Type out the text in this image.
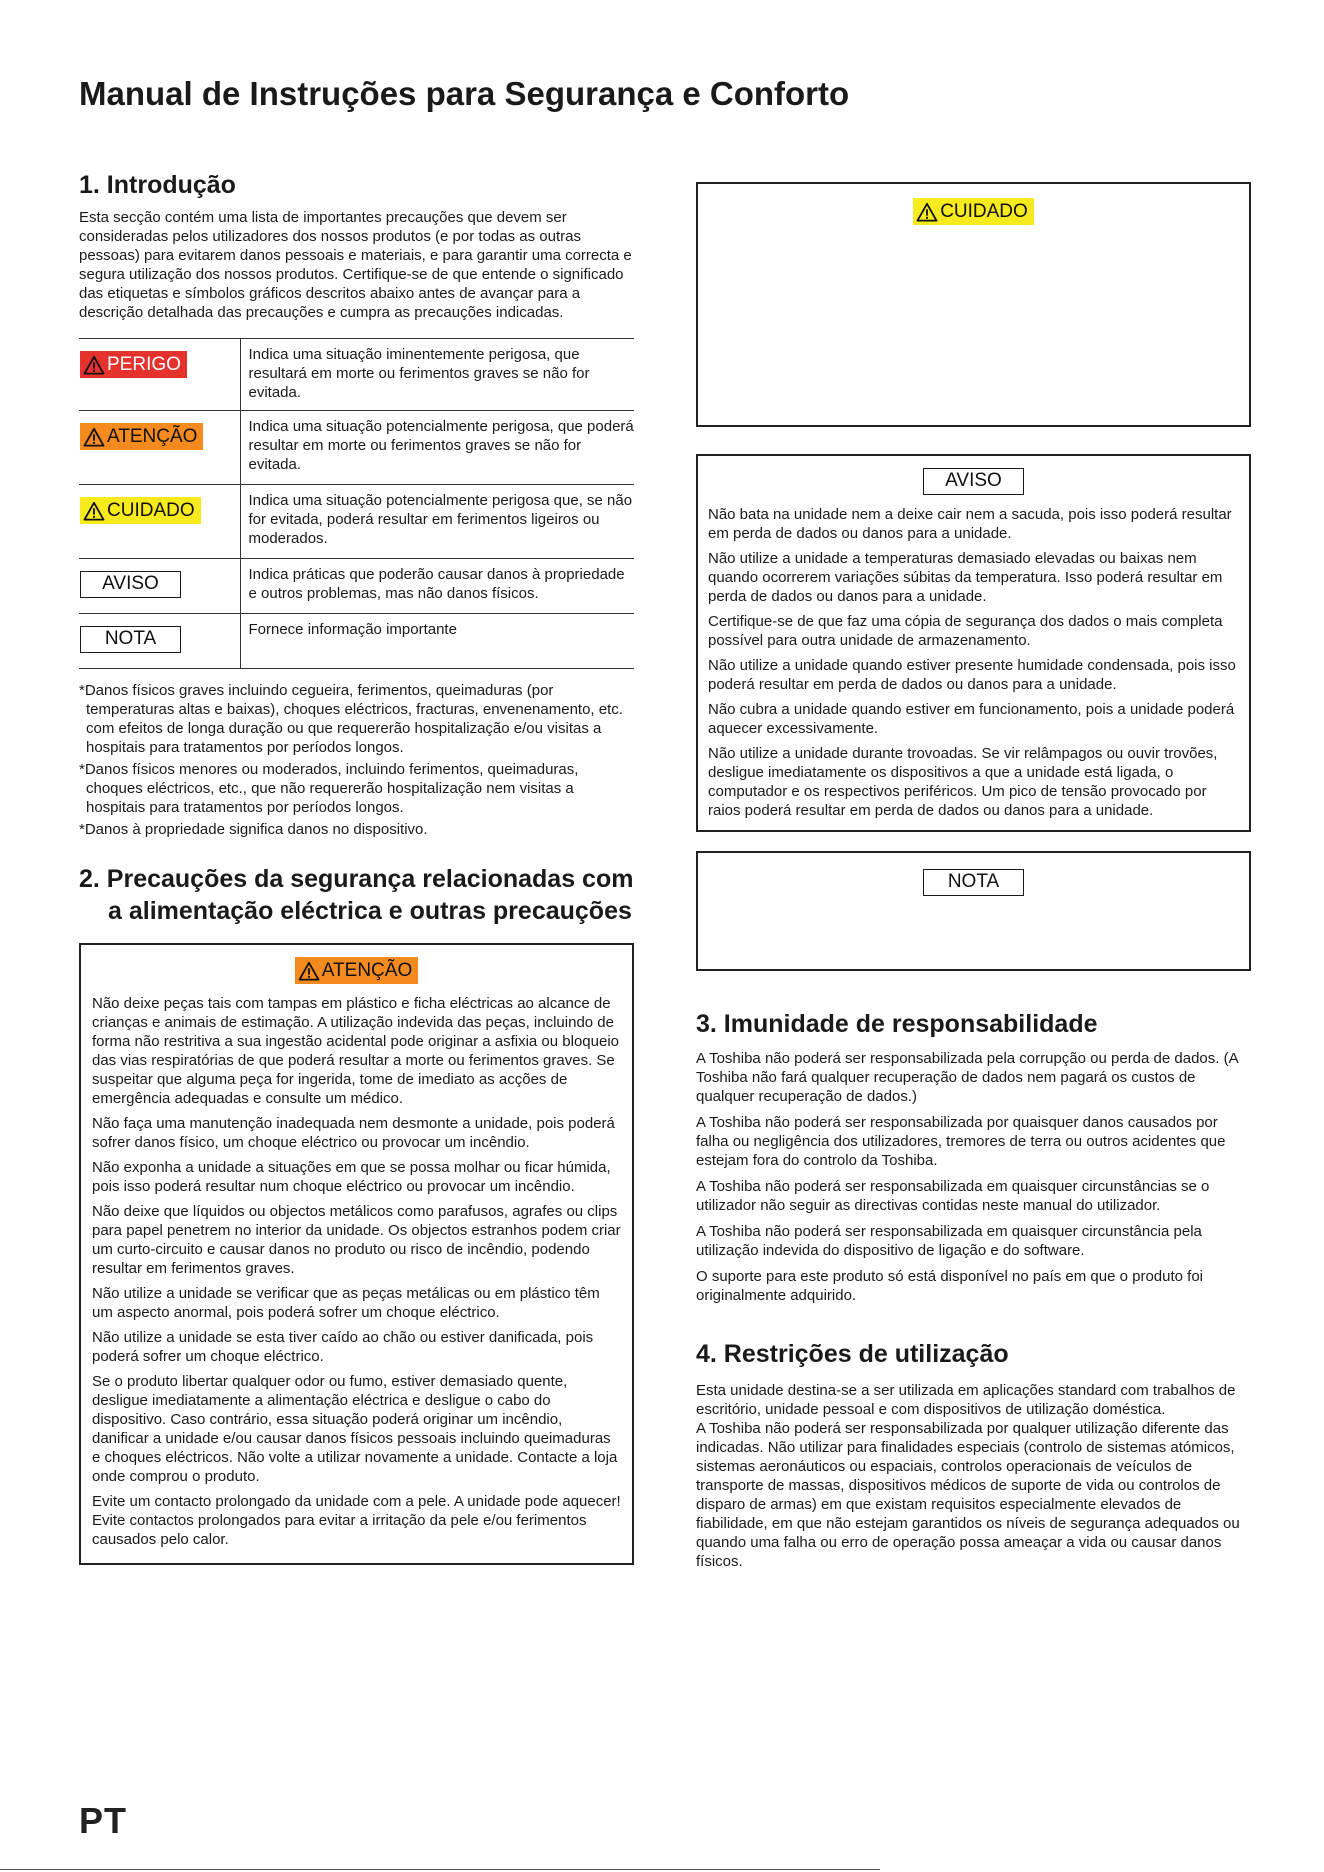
Manual de Instruções para Segurança e Conforto
1. Introdução

Esta secção contém uma lista de importantes precauções que devem ser consideradas pelos utilizadores dos nossos produtos (e por todas as outras pessoas) para evitarem danos pessoais e materiais, e para garantir uma correcta e segura utilização dos nossos produtos. Certifique-se de que entende o significado das etiquetas e símbolos gráficos descritos abaixo antes de avançar para a descrição detalhada das precauções e cumpra as precauções indicadas.

PERIGO	Indica uma situação iminentemente perigosa, que resultará em morte ou ferimentos graves se não for evitada.

ATENÇÃO	Indica uma situação potencialmente perigosa, que poderá resultar em morte ou ferimentos graves se não for evitada.

CUIDADO	Indica uma situação potencialmente perigosa que, se não for evitada, poderá resultar em ferimentos ligeiros ou moderados.
AVISO	Indica práticas que poderão causar danos à propriedade e outros problemas, mas não danos físicos.
NOTA	Fornece informação importante

*Danos físicos graves incluindo cegueira, ferimentos, queimaduras (por temperaturas altas e baixas), choques eléctricos, fracturas, envenenamento, etc. com efeitos de longa duração ou que requererão hospitalização e/ou visitas a hospitais para tratamentos por períodos longos.

*Danos físicos menores ou moderados, incluindo ferimentos, queimaduras, choques eléctricos, etc., que não requererão hospitalização nem visitas a hospitais para tratamentos por períodos longos.

*Danos à propriedade significa danos no dispositivo.

2. Precauções da segurança relacionadas com a alimentação eléctrica e outras precauções
ATENÇÃO

Não deixe peças tais com tampas em plástico e ficha eléctricas ao alcance de crianças e animais de estimação. A utilização indevida das peças, incluindo de forma não restritiva a sua ingestão acidental pode originar a asfixia ou bloqueio das vias respiratórias de que poderá resultar a morte ou ferimentos graves. Se suspeitar que alguma peça for ingerida, tome de imediato as acções de emergência adequadas e consulte um médico.

Não faça uma manutenção inadequada nem desmonte a unidade, pois poderá sofrer danos físico, um choque eléctrico ou provocar um incêndio.

Não exponha a unidade a situações em que se possa molhar ou ficar húmida, pois isso poderá resultar num choque eléctrico ou provocar um incêndio.

Não deixe que líquidos ou objectos metálicos como parafusos, agrafes ou clips para papel penetrem no interior da unidade. Os objectos estranhos podem criar um curto-circuito e causar danos no produto ou risco de incêndio, podendo resultar em ferimentos graves.

Não utilize a unidade se verificar que as peças metálicas ou em plástico têm um aspecto anormal, pois poderá sofrer um choque eléctrico.

Não utilize a unidade se esta tiver caído ao chão ou estiver danificada, pois poderá sofrer um choque eléctrico.

Se o produto libertar qualquer odor ou fumo, estiver demasiado quente, desligue imediatamente a alimentação eléctrica e desligue o cabo do dispositivo. Caso contrário, essa situação poderá originar um incêndio, danificar a unidade e/ou causar danos físicos pessoais incluindo queimaduras e choques eléctricos. Não volte a utilizar novamente a unidade. Contacte a loja onde comprou o produto.

Evite um contacto prolongado da unidade com a pele. A unidade pode aquecer! Evite contactos prolongados para evitar a irritação da pele e/ou ferimentos causados pelo calor.

CUIDADO
AVISO

Não bata na unidade nem a deixe cair nem a sacuda, pois isso poderá resultar em perda de dados ou danos para a unidade.

Não utilize a unidade a temperaturas demasiado elevadas ou baixas nem quando ocorrerem variações súbitas da temperatura. Isso poderá resultar em perda de dados ou danos para a unidade.

Certifique-se de que faz uma cópia de segurança dos dados o mais completa possível para outra unidade de armazenamento.

Não utilize a unidade quando estiver presente humidade condensada, pois isso poderá resultar em perda de dados ou danos para a unidade.

Não cubra a unidade quando estiver em funcionamento, pois a unidade poderá aquecer excessivamente.

Não utilize a unidade durante trovoadas. Se vir relâmpagos ou ouvir trovões, desligue imediatamente os dispositivos a que a unidade está ligada, o computador e os respectivos periféricos. Um pico de tensão provocado por raios poderá resultar em perda de dados ou danos para a unidade.

NOTA
3. Imunidade de responsabilidade

A Toshiba não poderá ser responsabilizada pela corrupção ou perda de dados. (A Toshiba não fará qualquer recuperação de dados nem pagará os custos de qualquer recuperação de dados.)

A Toshiba não poderá ser responsabilizada por quaisquer danos causados por falha ou negligência dos utilizadores, tremores de terra ou outros acidentes que estejam fora do controlo da Toshiba.

A Toshiba não poderá ser responsabilizada em quaisquer circunstâncias se o utilizador não seguir as directivas contidas neste manual do utilizador.

A Toshiba não poderá ser responsabilizada em quaisquer circunstância pela utilização indevida do dispositivo de ligação e do software.

O suporte para este produto só está disponível no país em que o produto foi originalmente adquirido.

4. Restrições de utilização

Esta unidade destina-se a ser utilizada em aplicações standard com trabalhos de escritório, unidade pessoal e com dispositivos de utilização doméstica.

A Toshiba não poderá ser responsabilizada por qualquer utilização diferente das indicadas. Não utilizar para finalidades especiais (controlo de sistemas atómicos, sistemas aeronáuticos ou espaciais, controlos operacionais de veículos de transporte de massas, dispositivos médicos de suporte de vida ou controlos de disparo de armas) em que existam requisitos especialmente elevados de fiabilidade, em que não estejam garantidos os níveis de segurança adequados ou quando uma falha ou erro de operação possa ameaçar a vida ou causar danos físicos.

PT
